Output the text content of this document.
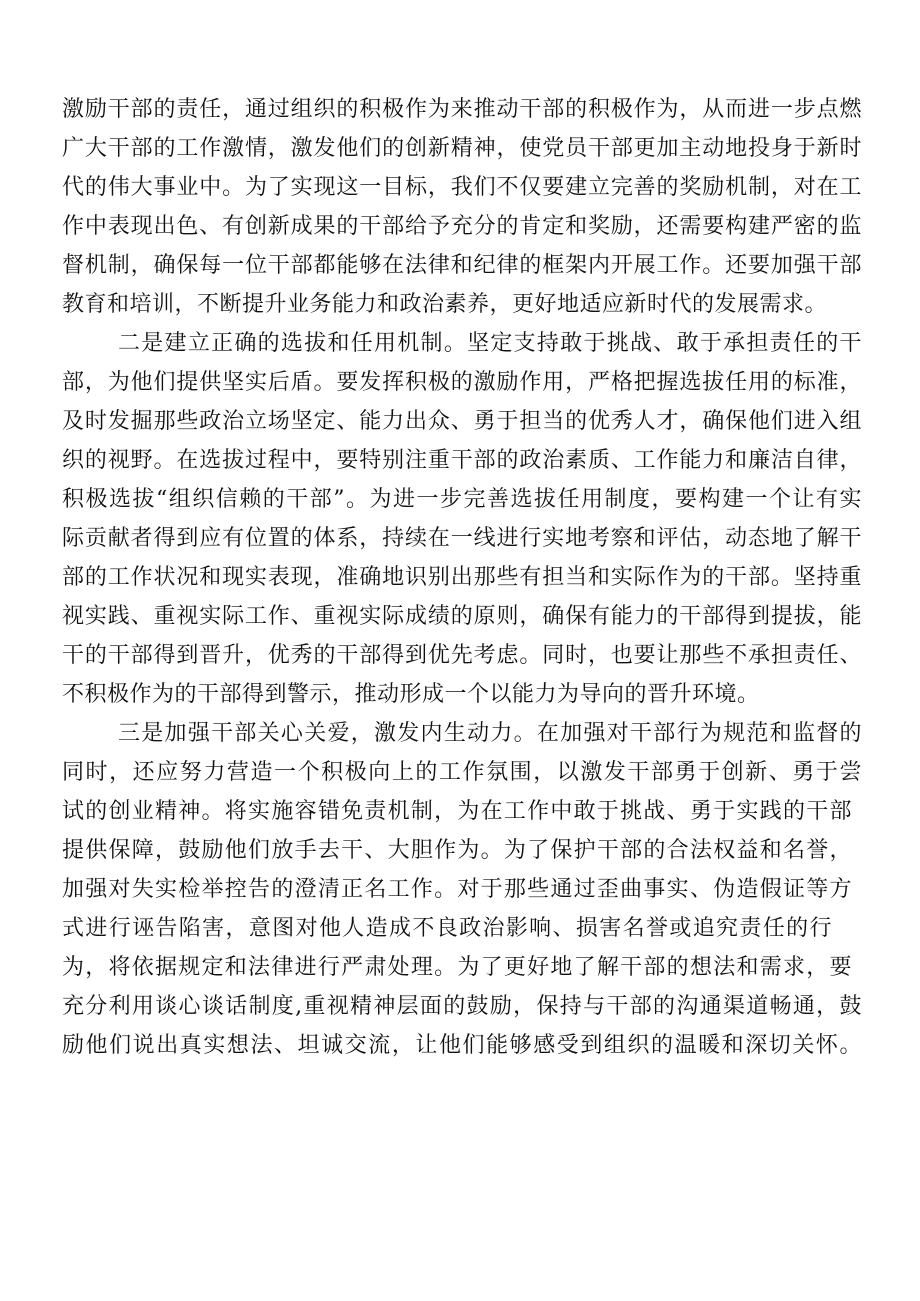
激励干部的责任，通过组织的积极作为来推动干部的积极作为，从而进一步点燃
广大干部的工作激情，激发他们的创新精神，使党员干部更加主动地投身于新时
代的伟大事业中。为了实现这一目标，我们不仅要建立完善的奖励机制，对在工
作中表现出色、有创新成果的干部给予充分的肯定和奖励，还需要构建严密的监
督机制，确保每一位干部都能够在法律和纪律的框架内开展工作。还要加强干部
教育和培训，不断提升业务能力和政治素养，更好地适应新时代的发展需求。
二是建立正确的选拔和任用机制。坚定支持敢于挑战、敢于承担责任的干
部，为他们提供坚实后盾。要发挥积极的激励作用，严格把握选拔任用的标准，
及时发掘那些政治立场坚定、能力出众、勇于担当的优秀人才，确保他们进入组
织的视野。在选拔过程中，要特别注重干部的政治素质、工作能力和廉洁自律，
积极选拔“组织信赖的干部”。为进一步完善选拔任用制度，要构建一个让有实
际贡献者得到应有位置的体系，持续在一线进行实地考察和评估，动态地了解干
部的工作状况和现实表现，准确地识别出那些有担当和实际作为的干部。坚持重
视实践、重视实际工作、重视实际成绩的原则，确保有能力的干部得到提拔，能
干的干部得到晋升，优秀的干部得到优先考虑。同时，也要让那些不承担责任、
不积极作为的干部得到警示，推动形成一个以能力为导向的晋升环境。
三是加强干部关心关爱，激发内生动力。在加强对干部行为规范和监督的
同时，还应努力营造一个积极向上的工作氛围，以激发干部勇于创新、勇于尝
试的创业精神。将实施容错免责机制，为在工作中敢于挑战、勇于实践的干部
提供保障，鼓励他们放手去干、大胆作为。为了保护干部的合法权益和名誉，
加强对失实检举控告的澄清正名工作。对于那些通过歪曲事实、伪造假证等方
式进行诬告陷害，意图对他人造成不良政治影响、损害名誉或追究责任的行
为，将依据规定和法律进行严肃处理。为了更好地了解干部的想法和需求，要
充分利用谈心谈话制度,重视精神层面的鼓励，保持与干部的沟通渠道畅通，鼓
励他们说出真实想法、坦诚交流，让他们能够感受到组织的温暖和深切关怀。
